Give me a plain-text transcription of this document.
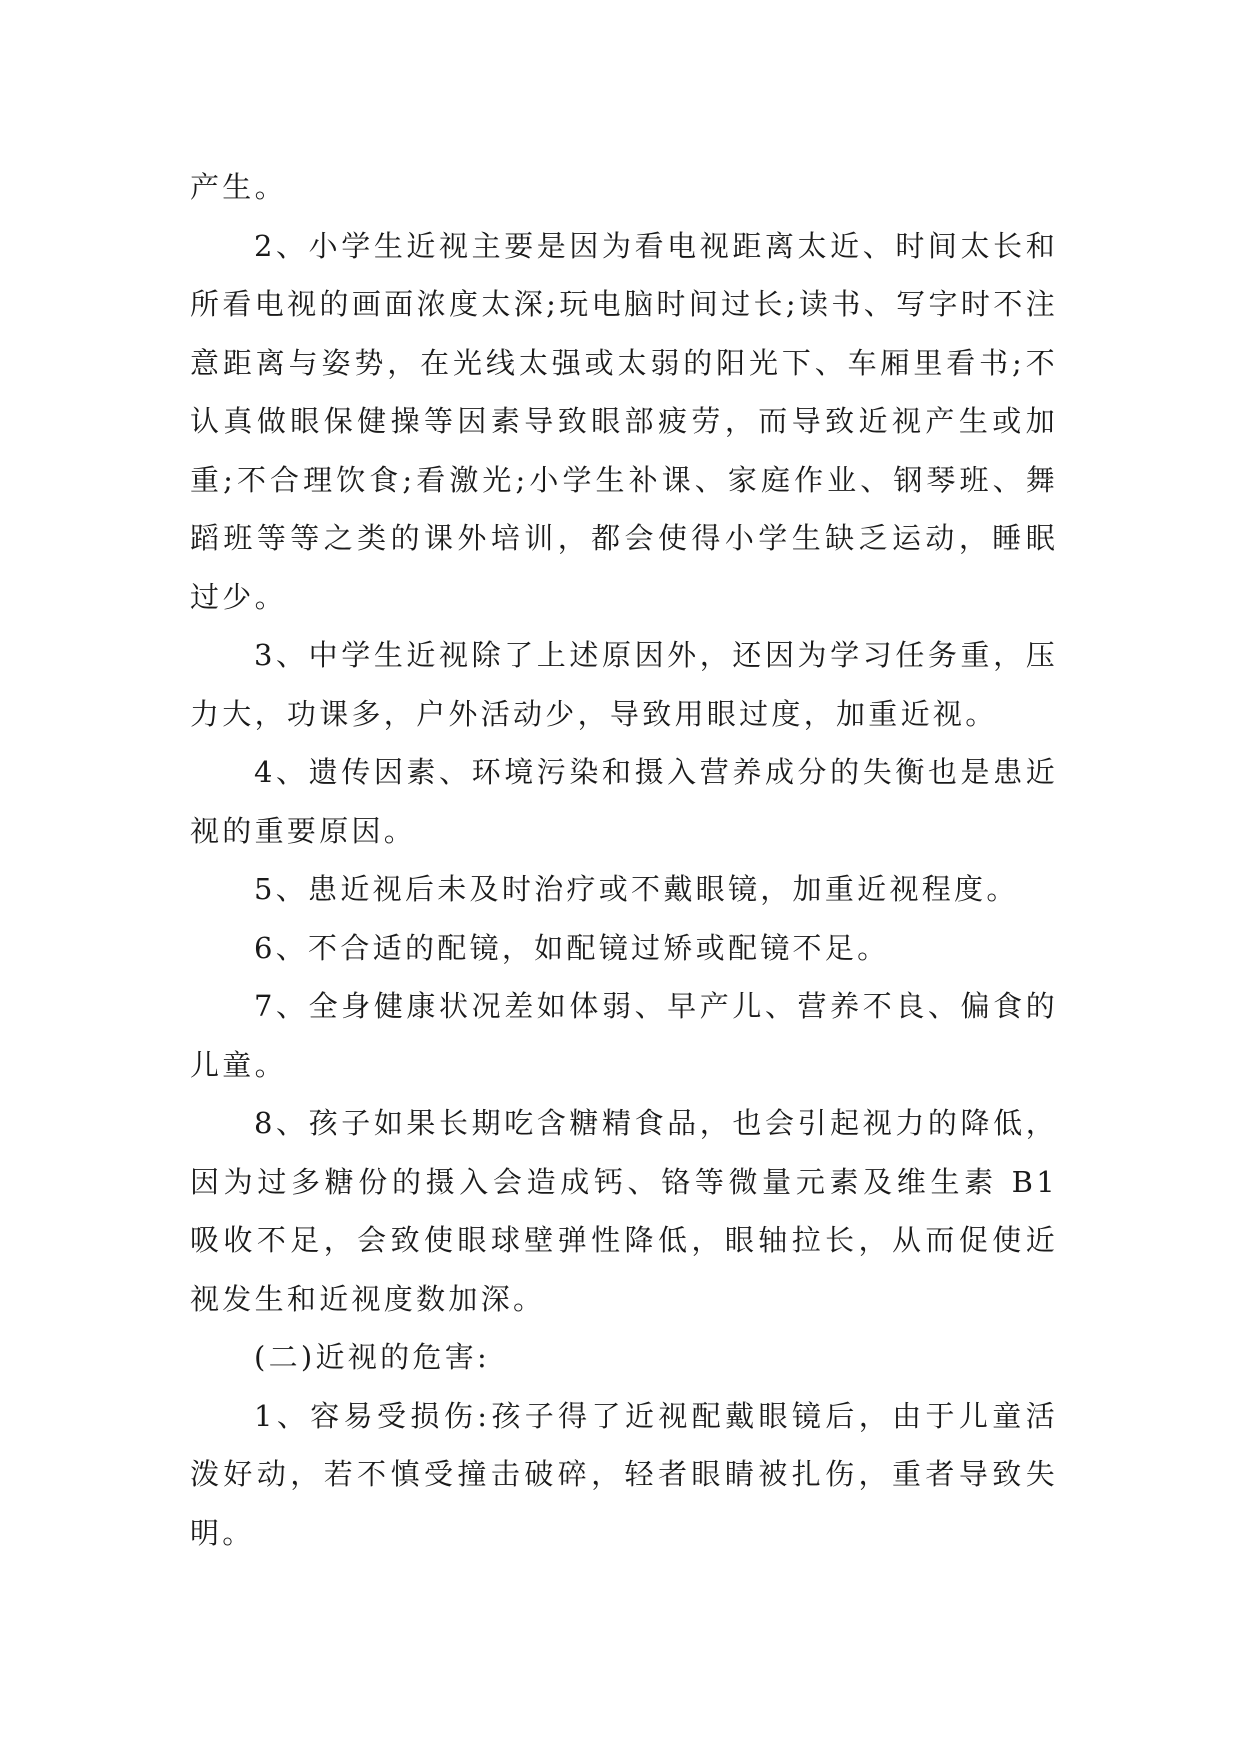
产生。

2、小学生近视主要是因为看电视距离太近、时间太长和所看电视的画面浓度太深;玩电脑时间过长;读书、写字时不注意距离与姿势，在光线太强或太弱的阳光下、车厢里看书;不认真做眼保健操等因素导致眼部疲劳，而导致近视产生或加重;不合理饮食;看激光;小学生补课、家庭作业、钢琴班、舞蹈班等等之类的课外培训，都会使得小学生缺乏运动，睡眠过少。

3、中学生近视除了上述原因外，还因为学习任务重，压力大，功课多，户外活动少，导致用眼过度，加重近视。

4、遗传因素、环境污染和摄入营养成分的失衡也是患近视的重要原因。

5、患近视后未及时治疗或不戴眼镜，加重近视程度。

6、不合适的配镜，如配镜过矫或配镜不足。

7、全身健康状况差如体弱、早产儿、营养不良、偏食的儿童。

8、孩子如果长期吃含糖精食品，也会引起视力的降低，因为过多糖份的摄入会造成钙、铬等微量元素及维生素 B1 吸收不足，会致使眼球壁弹性降低，眼轴拉长，从而促使近视发生和近视度数加深。

(二)近视的危害:

1、容易受损伤:孩子得了近视配戴眼镜后，由于儿童活泼好动，若不慎受撞击破碎，轻者眼睛被扎伤，重者导致失明。
